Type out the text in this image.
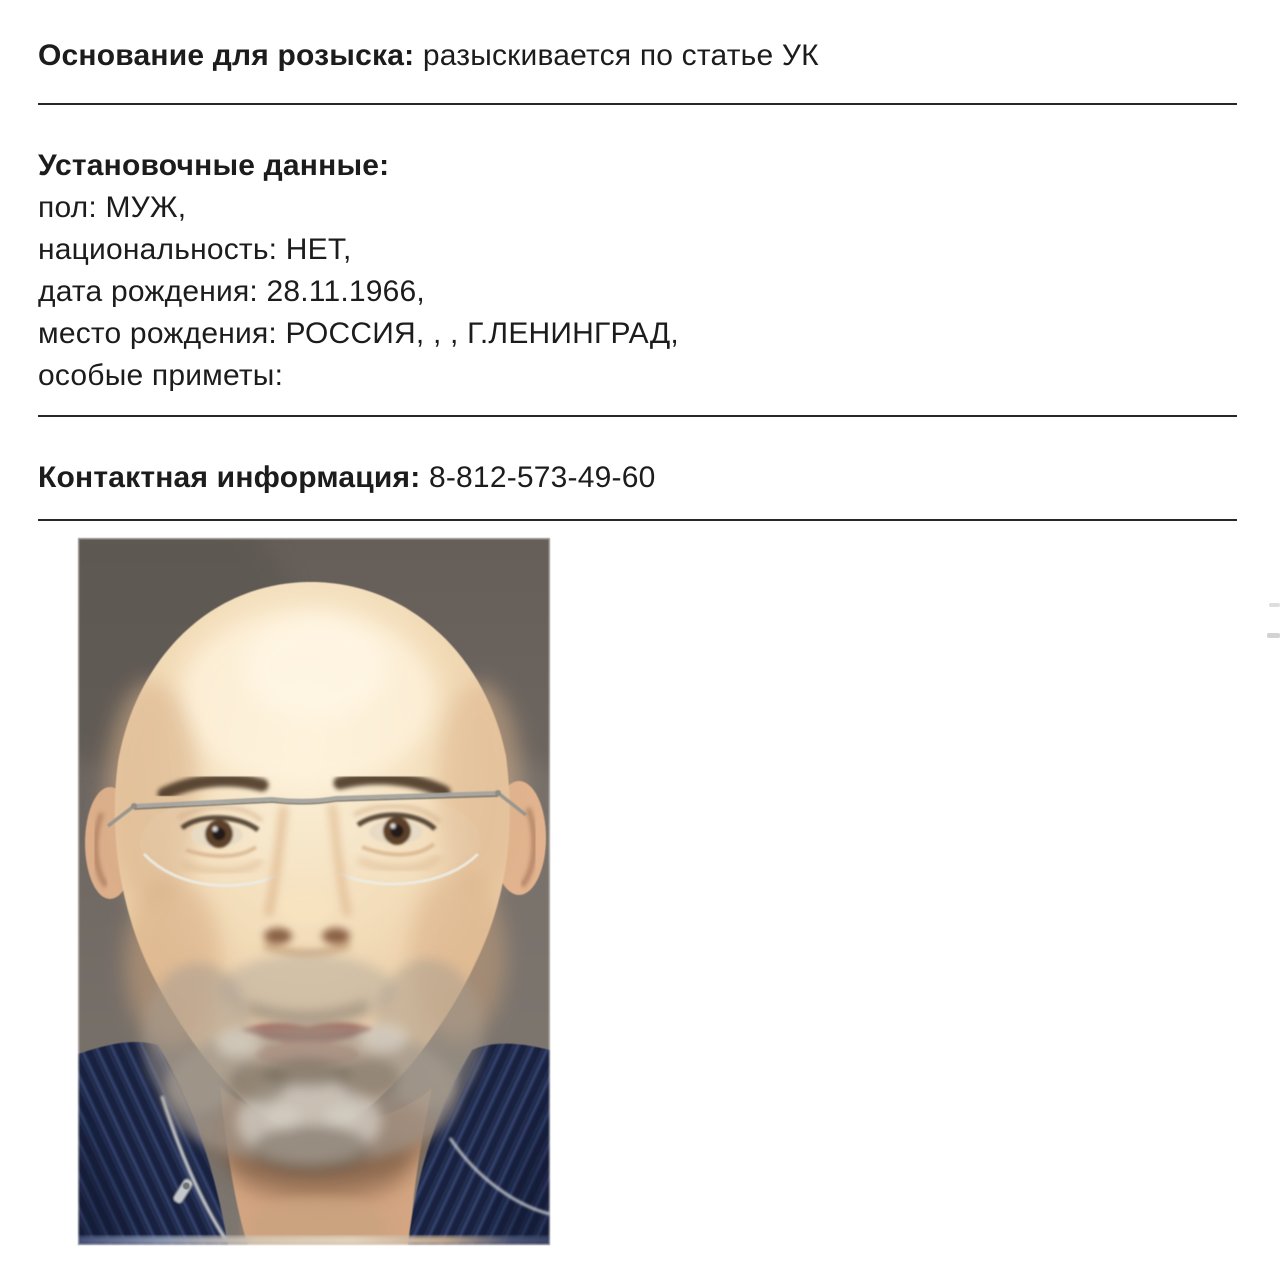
Основание для розыска: разыскивается по статье УК

Установочные данные:

пол: МУЖ,

национальность: НЕТ,

дата рождения: 28.11.1966,

место рождения: РОССИЯ, , , Г.ЛЕНИНГРАД,

особые приметы:

Контактная информация: 8-812-573-49-60
